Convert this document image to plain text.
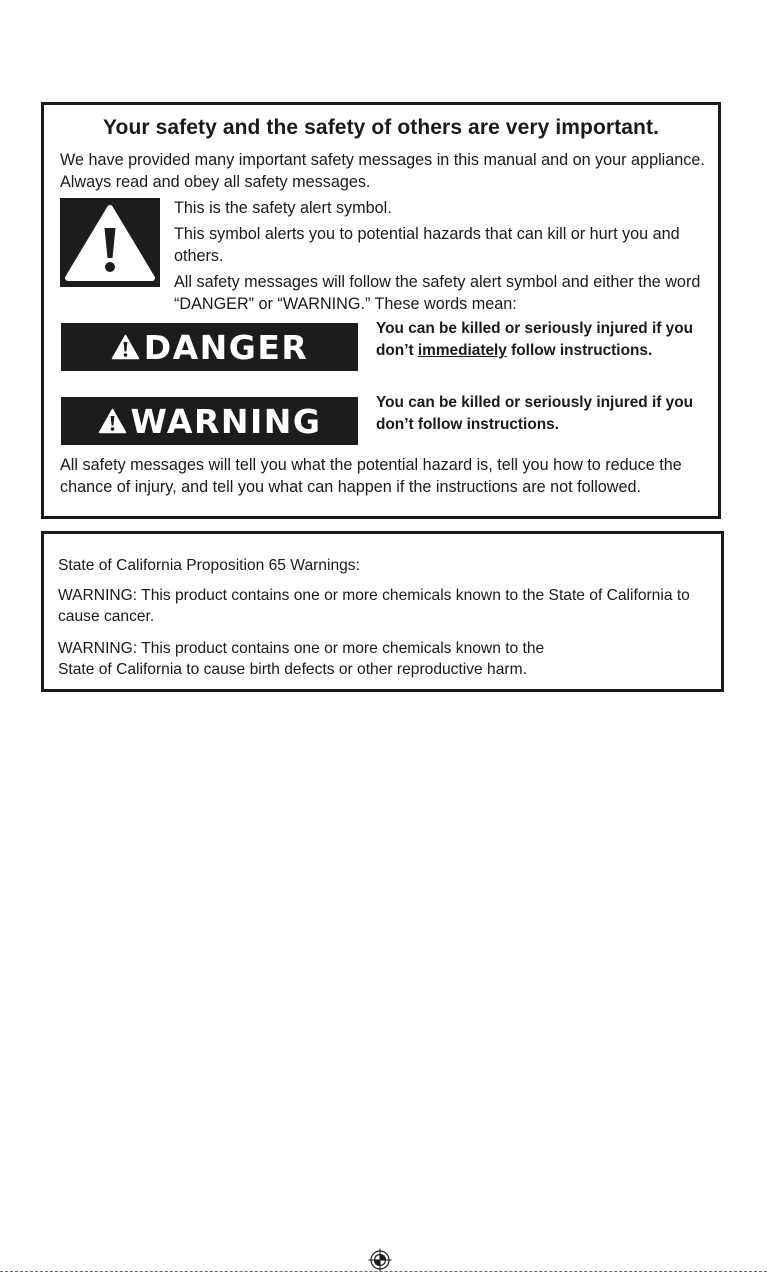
Your safety and the safety of others are very important.

We have provided many important safety messages in this manual and on your appliance. Always read and obey all safety messages.

This is the safety alert symbol.

This symbol alerts you to potential hazards that can kill or hurt you and others.

All safety messages will follow the safety alert symbol and either the word “DANGER” or “WARNING.” These words mean:

DANGER	You can be killed or seriously injured if you don’t immediately follow instructions.

WARNING	You can be killed or seriously injured if you don’t follow instructions.

All safety messages will tell you what the potential hazard is, tell you how to reduce the chance of injury, and tell you what can happen if the instructions are not followed.

State of California Proposition 65 Warnings:

WARNING: This product contains one or more chemicals known to the State of California to cause cancer.

WARNING: This product contains one or more chemicals known to the
State of California to cause birth defects or other reproductive harm.
